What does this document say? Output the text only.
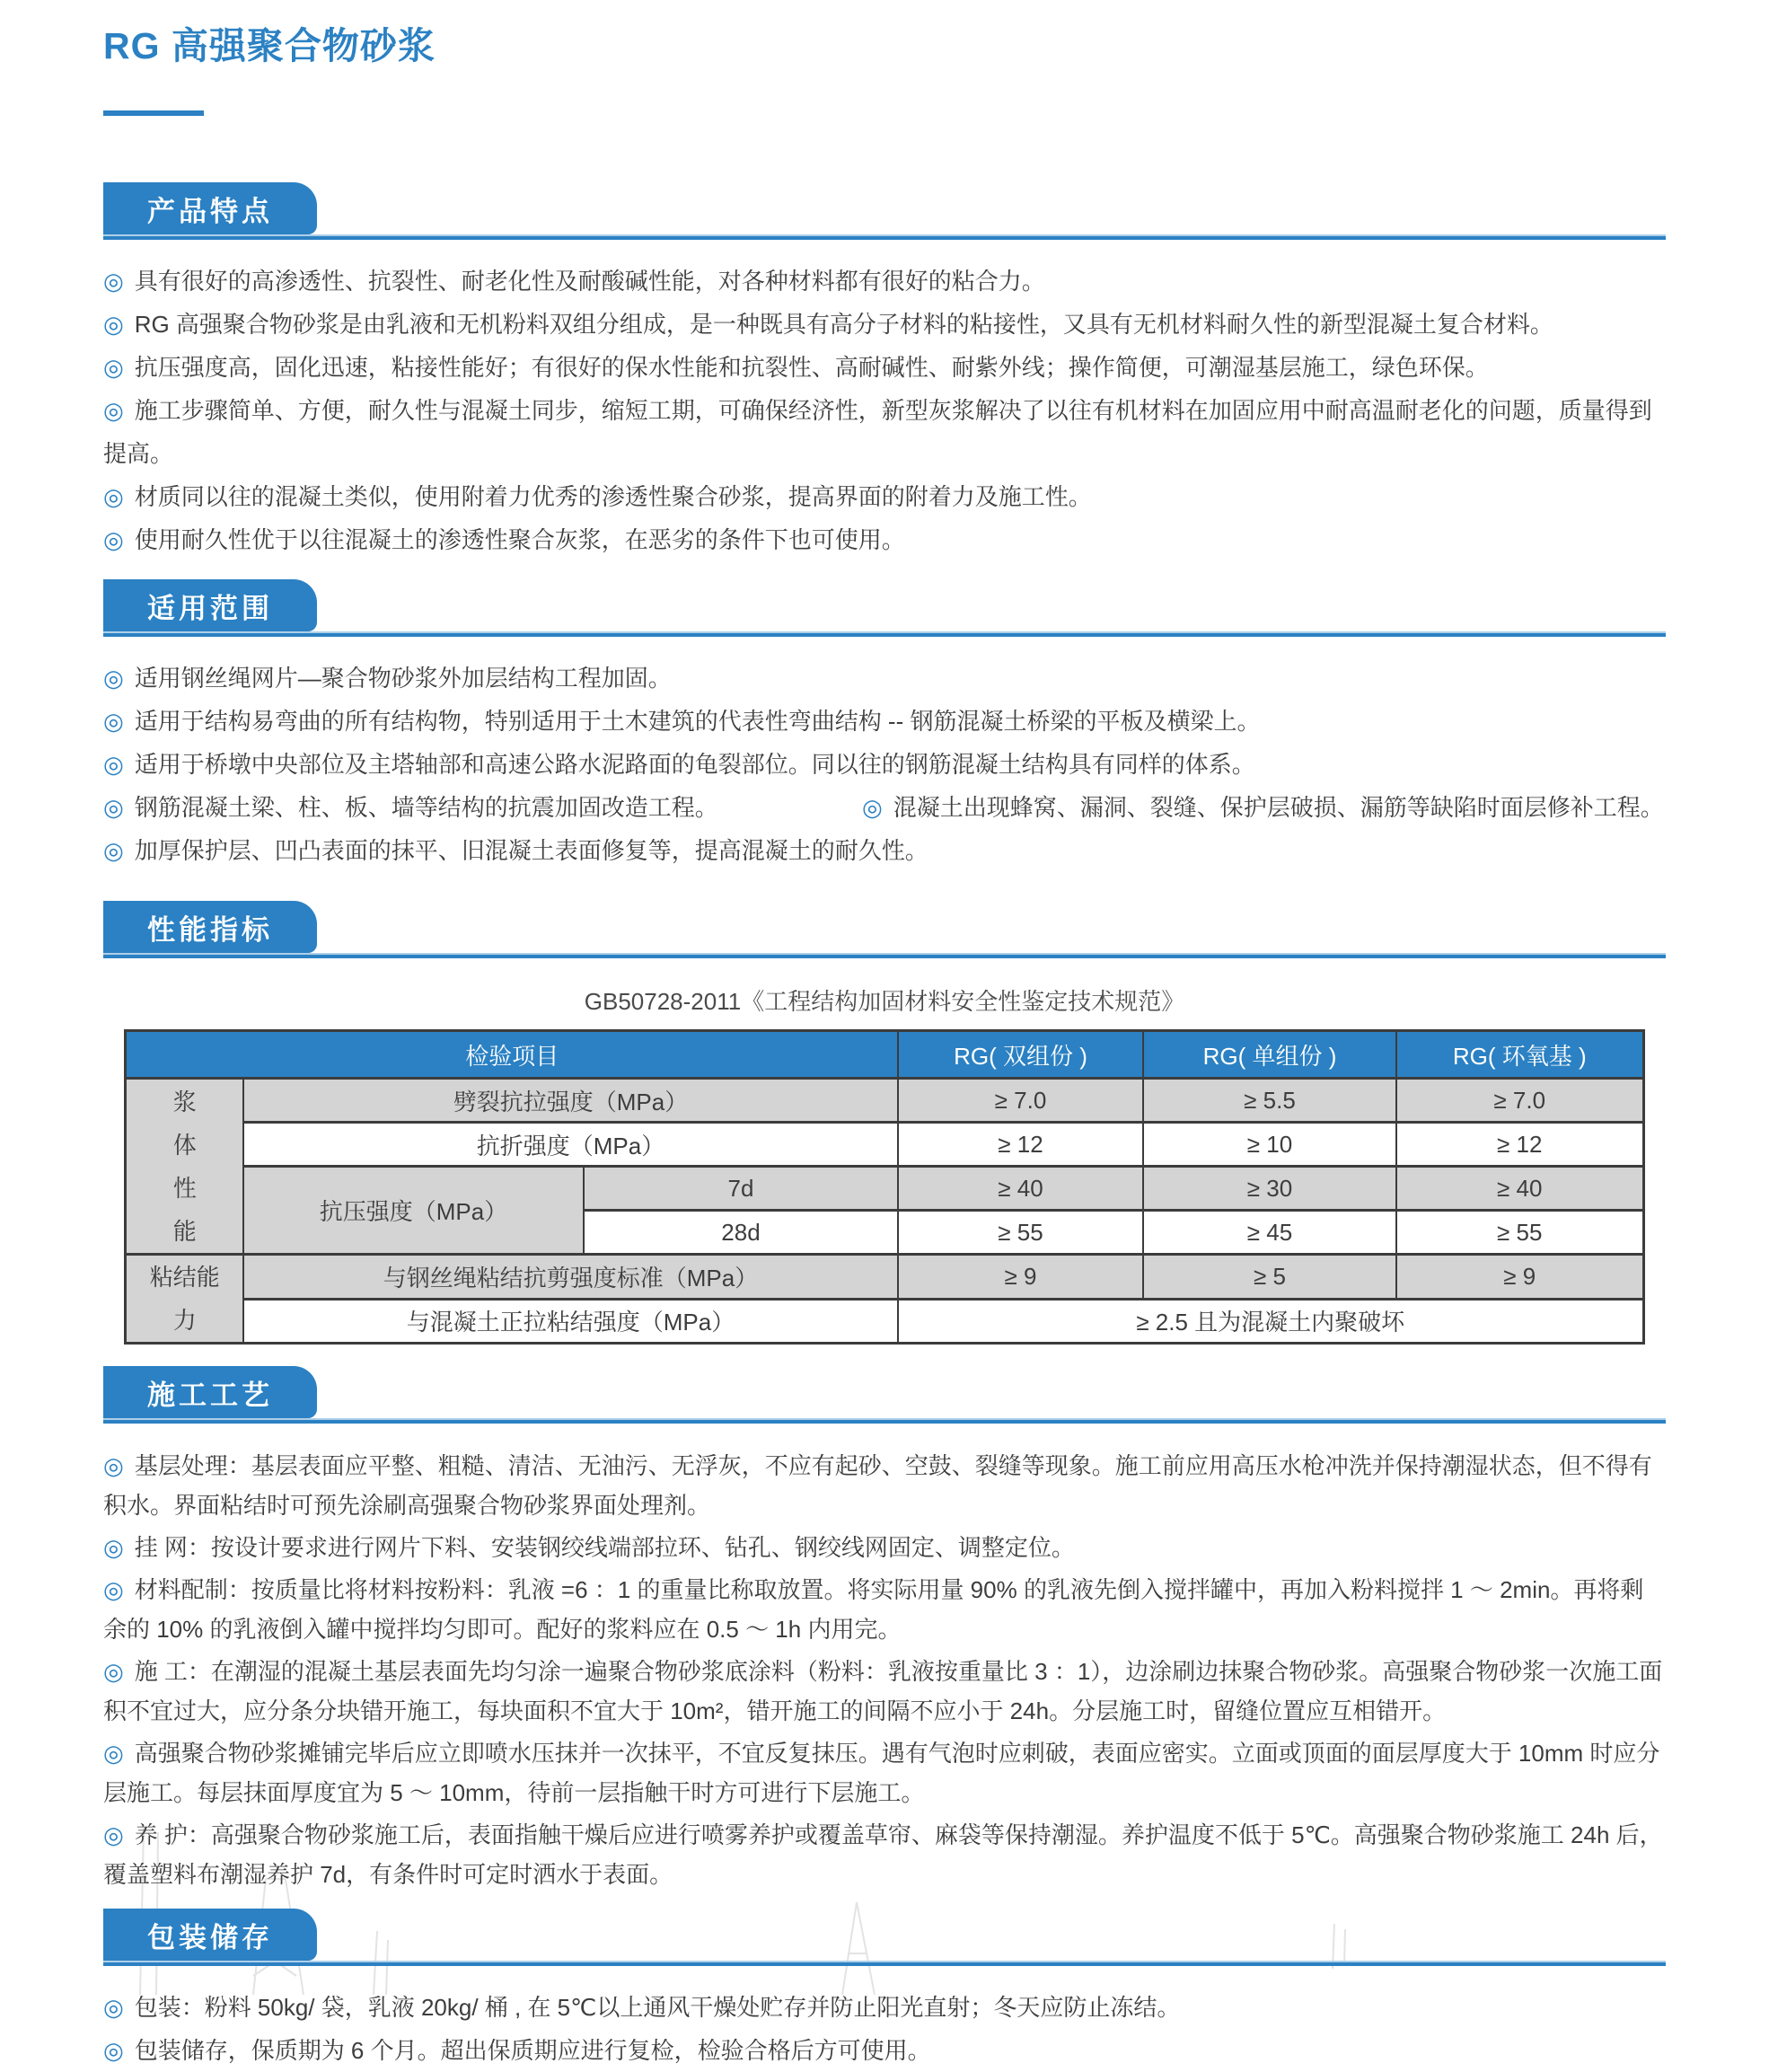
RG 高强聚合物砂浆
产品特点

◎ 具有很好的高渗透性、抗裂性、耐老化性及耐酸碱性能，对各种材料都有很好的粘合力。

◎ RG 高强聚合物砂浆是由乳液和无机粉料双组分组成，是一种既具有高分子材料的粘接性，又具有无机材料耐久性的新型混凝土复合材料。

◎ 抗压强度高，固化迅速，粘接性能好；有很好的保水性能和抗裂性、高耐碱性、耐紫外线；操作简便，可潮湿基层施工，绿色环保。

◎ 施工步骤简单、方便，耐久性与混凝土同步，缩短工期，可确保经济性，新型灰浆解决了以往有机材料在加固应用中耐高温耐老化的问题，质量得到提高。

◎ 材质同以往的混凝土类似，使用附着力优秀的渗透性聚合砂浆，提高界面的附着力及施工性。

◎ 使用耐久性优于以往混凝土的渗透性聚合灰浆，在恶劣的条件下也可使用。

适用范围

◎ 适用钢丝绳网片—聚合物砂浆外加层结构工程加固。

◎ 适用于结构易弯曲的所有结构物，特别适用于土木建筑的代表性弯曲结构 -- 钢筋混凝土桥梁的平板及横梁上。

◎ 适用于桥墩中央部位及主塔轴部和高速公路水泥路面的龟裂部位。同以往的钢筋混凝土结构具有同样的体系。

◎ 钢筋混凝土梁、柱、板、墙等结构的抗震加固改造工程。	◎ 混凝土出现蜂窝、漏洞、裂缝、保护层破损、漏筋等缺陷时面层修补工程。

◎ 加厚保护层、凹凸表面的抹平、旧混凝土表面修复等，提高混凝土的耐久性。

性能指标
GB50728-2011《工程结构加固材料安全性鉴定技术规范》
检验项目			RG( 双组份 )	RG( 单组份 )	RG( 环氧基 )
浆体性能	劈裂抗拉强度（MPa）		≥ 7.0	≥ 5.5	≥ 7.0
	抗折强度（MPa）		≥ 12	≥ 10	≥ 12
	抗压强度（MPa）	7d	≥ 40	≥ 30	≥ 40
		28d	≥ 55	≥ 45	≥ 55
粘结能力	与钢丝绳粘结抗剪强度标准（MPa）		≥ 9	≥ 5	≥ 9
	与混凝土正拉粘结强度（MPa）		≥ 2.5 且为混凝土内聚破坏		
施工工艺

◎ 基层处理：基层表面应平整、粗糙、清洁、无油污、无浮灰，不应有起砂、空鼓、裂缝等现象。施工前应用高压水枪冲洗并保持潮湿状态，但不得有积水。界面粘结时可预先涂刷高强聚合物砂浆界面处理剂。

◎ 挂 网：按设计要求进行网片下料、安装钢绞线端部拉环、钻孔、钢绞线网固定、调整定位。

◎ 材料配制：按质量比将材料按粉料：乳液 =6 ：1 的重量比称取放置。将实际用量 90% 的乳液先倒入搅拌罐中，再加入粉料搅拌 1 ～ 2min。再将剩余的 10% 的乳液倒入罐中搅拌均匀即可。配好的浆料应在 0.5 ～ 1h 内用完。

◎ 施 工：在潮湿的混凝土基层表面先均匀涂一遍聚合物砂浆底涂料（粉料：乳液按重量比 3 ：1），边涂刷边抹聚合物砂浆。高强聚合物砂浆一次施工面积不宜过大，应分条分块错开施工，每块面积不宜大于 10m²，错开施工的间隔不应小于 24h。分层施工时，留缝位置应互相错开。

◎ 高强聚合物砂浆摊铺完毕后应立即喷水压抹并一次抹平，不宜反复抹压。遇有气泡时应刺破，表面应密实。立面或顶面的面层厚度大于 10mm 时应分层施工。每层抹面厚度宜为 5 ～ 10mm，待前一层指触干时方可进行下层施工。

◎ 养 护：高强聚合物砂浆施工后，表面指触干燥后应进行喷雾养护或覆盖草帘、麻袋等保持潮湿。养护温度不低于 5℃。高强聚合物砂浆施工 24h 后，覆盖塑料布潮湿养护 7d，有条件时可定时洒水于表面。

包装储存

◎ 包装：粉料 50kg/ 袋，乳液 20kg/ 桶 , 在 5℃以上通风干燥处贮存并防止阳光直射；冬天应防止冻结。

◎ 包装储存，保质期为 6 个月。超出保质期应进行复检，检验合格后方可使用。
